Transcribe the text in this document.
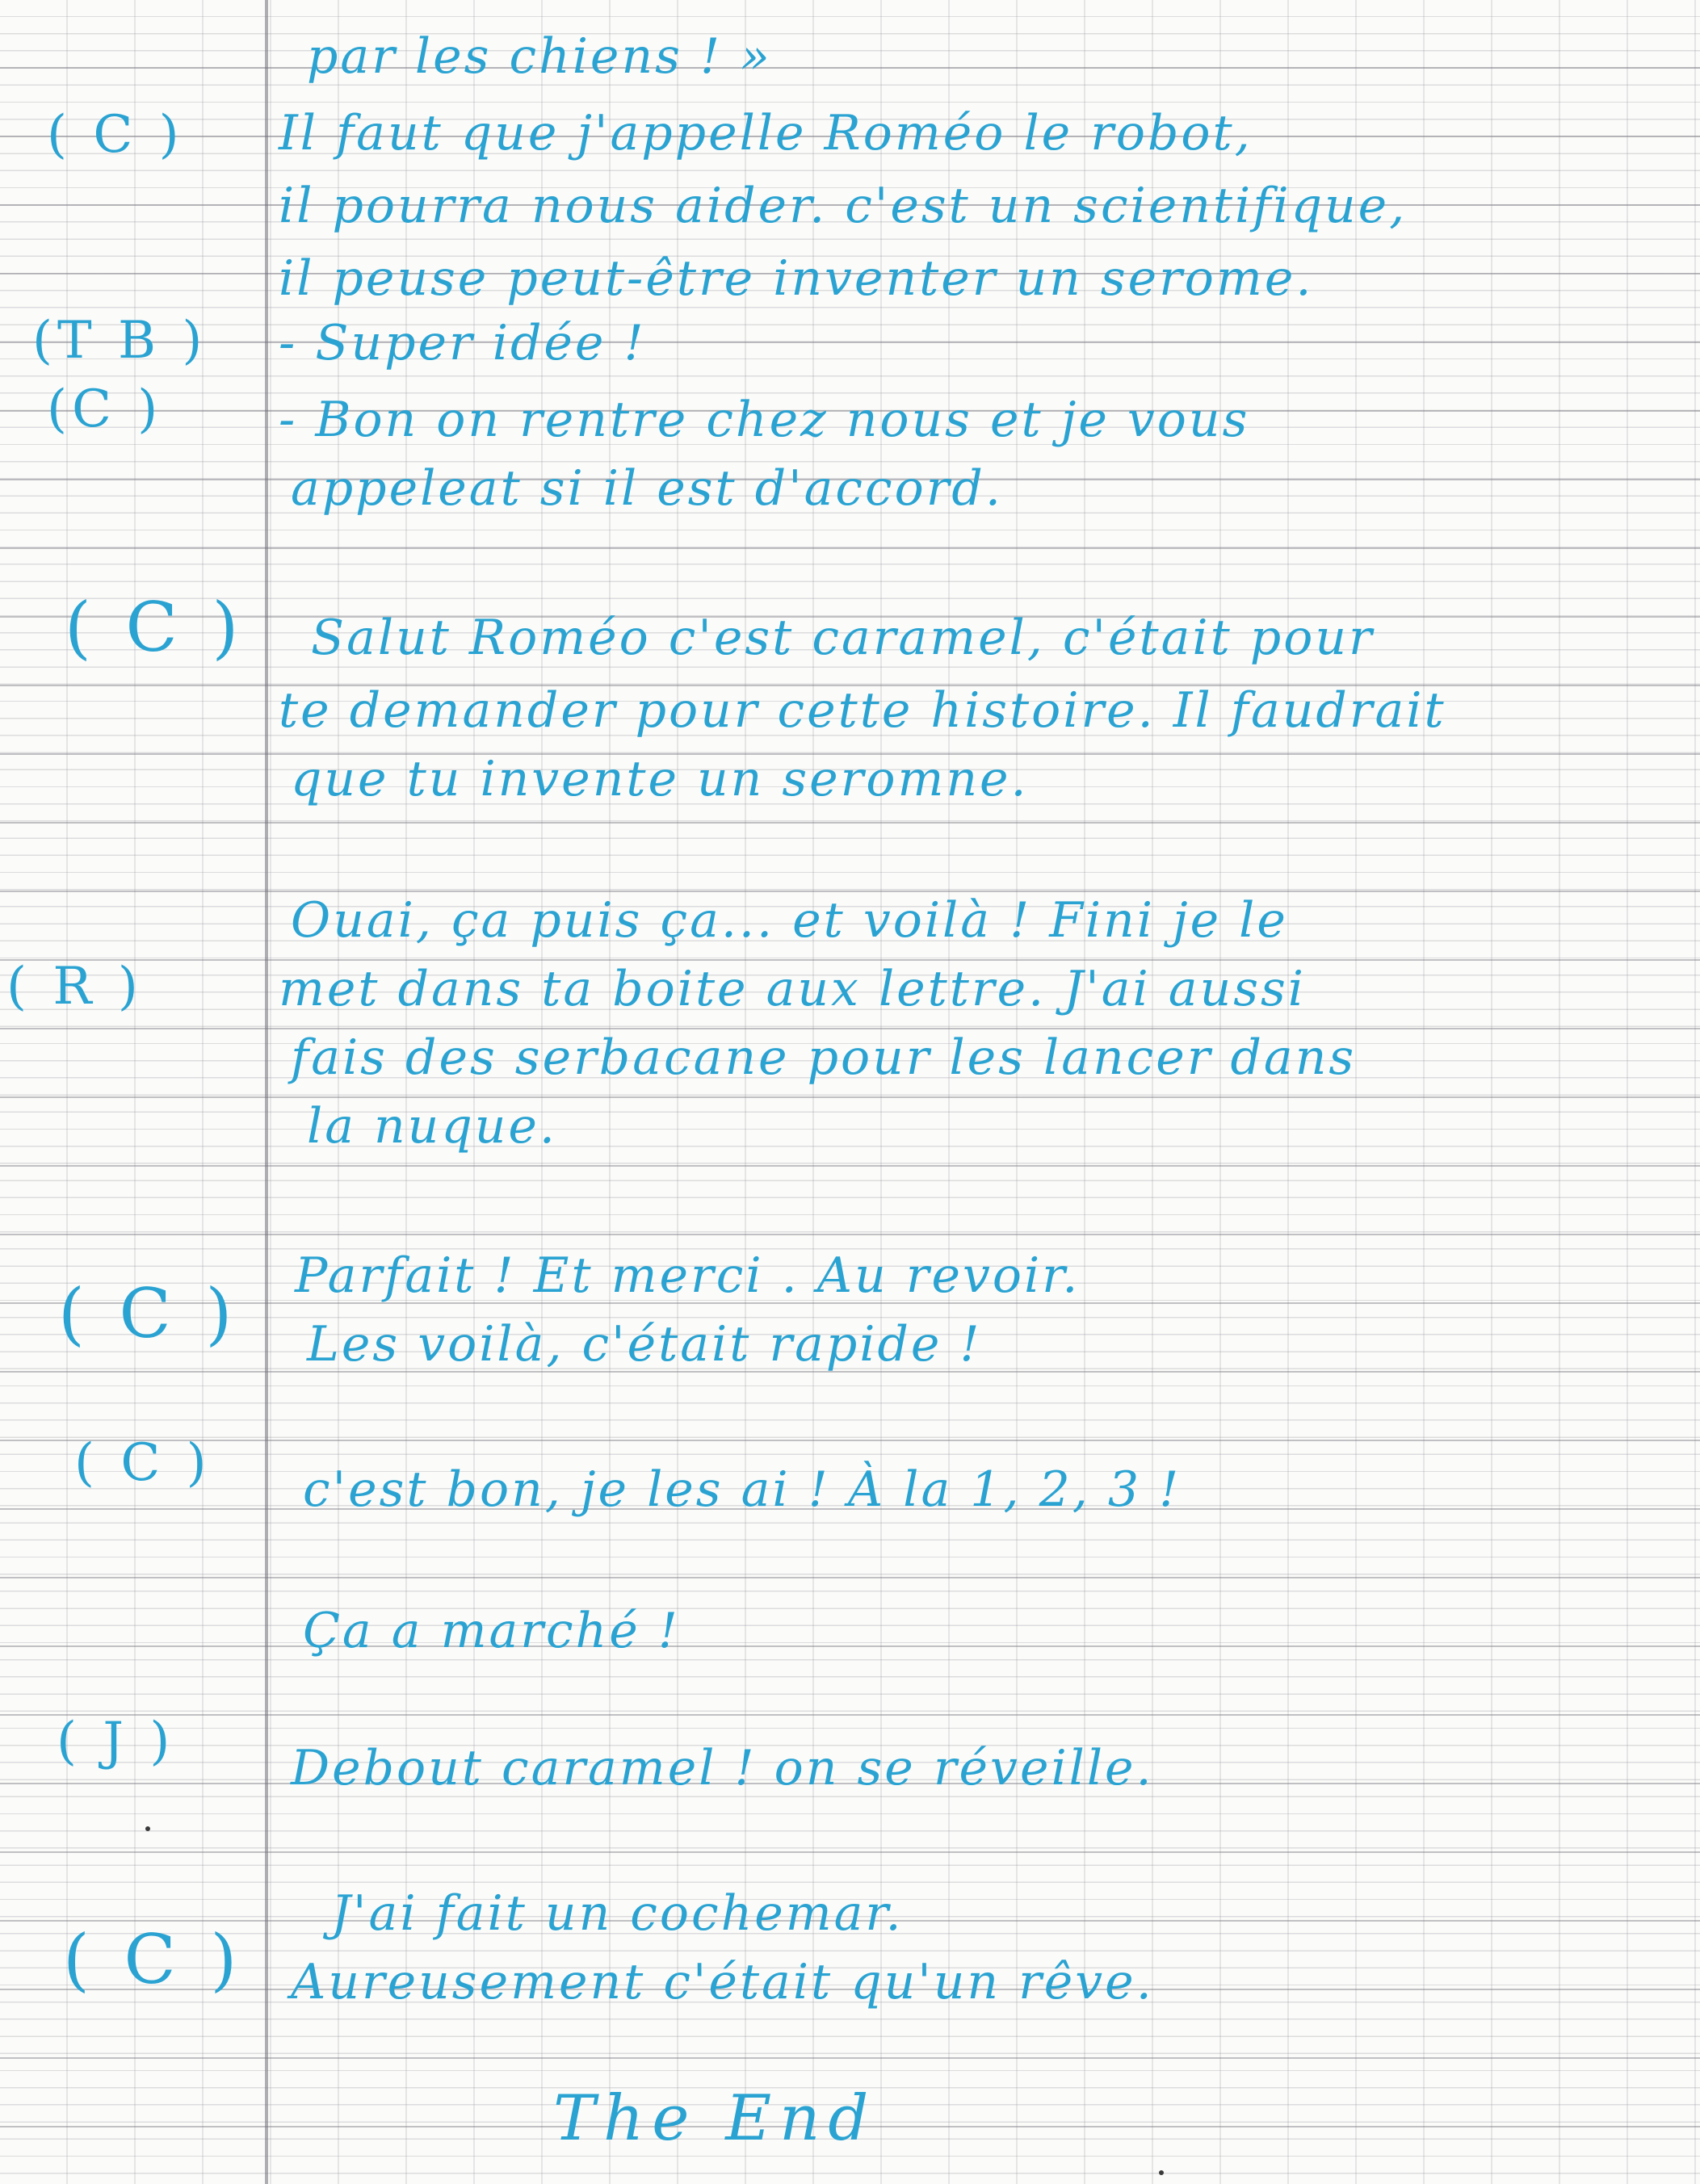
( C )
(T B )
(C )
( C )
( R )
( C )
( C )
( J )
( C )
par les chiens ! »
Il faut que j'appelle Roméo le robot,
il pourra nous aider. c'est un scientifique,
il peuse peut-être inventer un serome.
- Super idée !
- Bon on rentre chez nous et je vous
appeleat si il est d'accord.
Salut Roméo c'est caramel, c'était pour
te demander pour cette histoire. Il faudrait
que tu invente un seromne.
Ouai, ça puis ça... et voilà ! Fini je le
met dans ta boite aux lettre. J'ai aussi
fais des serbacane pour les lancer dans
la nuque.
Parfait ! Et merci . Au revoir.
Les voilà, c'était rapide !
c'est bon, je les ai ! À la 1, 2, 3 !
Ça a marché !
Debout caramel ! on se réveille.
J'ai fait un cochemar.
Aureusement c'était qu'un rêve.
The End
